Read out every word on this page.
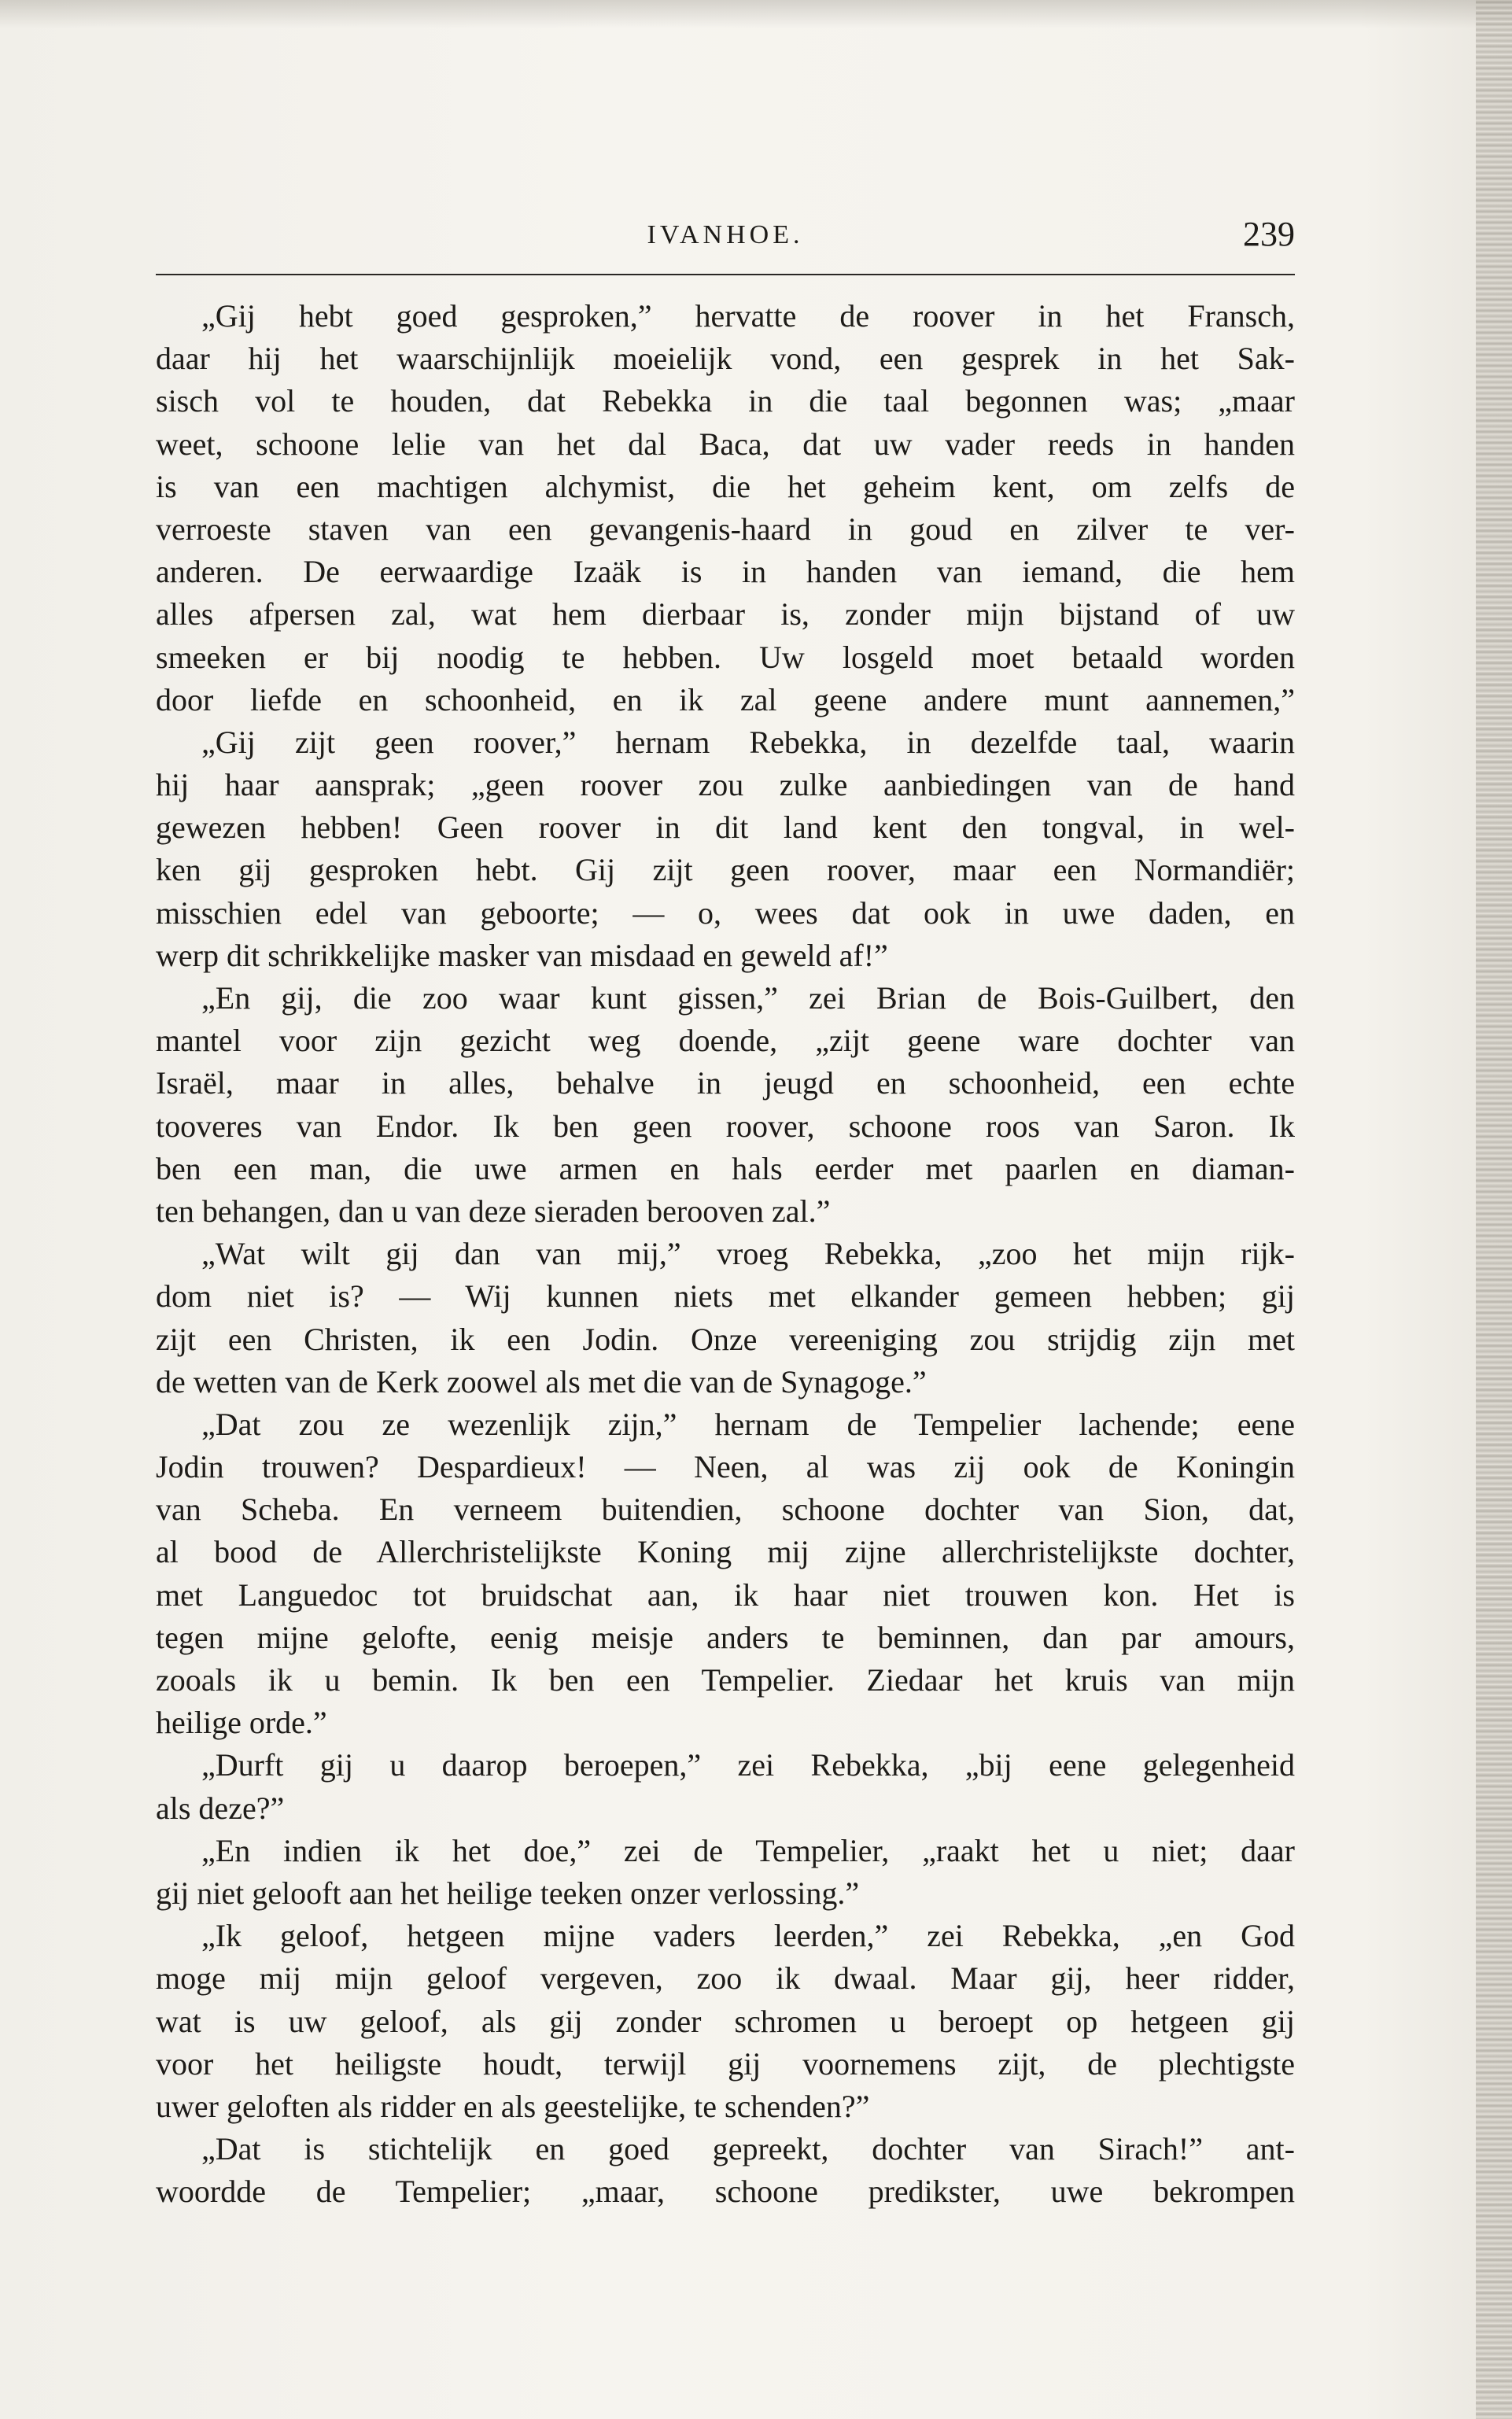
IVANHOE.	239
„Gij hebt goed gesproken,” hervatte de roover in het Fransch,
daar hij het waarschijnlijk moeielijk vond, een gesprek in het Sak-
sisch vol te houden, dat Rebekka in die taal begonnen was; „maar
weet, schoone lelie van het dal Baca, dat uw vader reeds in handen
is van een machtigen alchymist, die het geheim kent, om zelfs de
verroeste staven van een gevangenis-haard in goud en zilver te ver-
anderen. De eerwaardige Izaäk is in handen van iemand, die hem
alles afpersen zal, wat hem dierbaar is, zonder mijn bijstand of uw
smeeken er bij noodig te hebben. Uw losgeld moet betaald worden
door liefde en schoonheid, en ik zal geene andere munt aannemen,”
„Gij zijt geen roover,” hernam Rebekka, in dezelfde taal, waarin
hij haar aansprak; „geen roover zou zulke aanbiedingen van de hand
gewezen hebben! Geen roover in dit land kent den tongval, in wel-
ken gij gesproken hebt. Gij zijt geen roover, maar een Normandiër;
misschien edel van geboorte; — o, wees dat ook in uwe daden, en
werp dit schrikkelijke masker van misdaad en geweld af!”
„En gij, die zoo waar kunt gissen,” zei Brian de Bois-Guilbert, den
mantel voor zijn gezicht weg doende, „zijt geene ware dochter van
Israël, maar in alles, behalve in jeugd en schoonheid, een echte
tooveres van Endor. Ik ben geen roover, schoone roos van Saron. Ik
ben een man, die uwe armen en hals eerder met paarlen en diaman-
ten behangen, dan u van deze sieraden berooven zal.”
„Wat wilt gij dan van mij,” vroeg Rebekka, „zoo het mijn rijk-
dom niet is? — Wij kunnen niets met elkander gemeen hebben; gij
zijt een Christen, ik een Jodin. Onze vereeniging zou strijdig zijn met
de wetten van de Kerk zoowel als met die van de Synagoge.”
„Dat zou ze wezenlijk zijn,” hernam de Tempelier lachende; eene
Jodin trouwen? Despardieux! — Neen, al was zij ook de Koningin
van Scheba. En verneem buitendien, schoone dochter van Sion, dat,
al bood de Allerchristelijkste Koning mij zijne allerchristelijkste dochter,
met Languedoc tot bruidschat aan, ik haar niet trouwen kon. Het is
tegen mijne gelofte, eenig meisje anders te beminnen, dan par amours,
zooals ik u bemin. Ik ben een Tempelier. Ziedaar het kruis van mijn
heilige orde.”
„Durft gij u daarop beroepen,” zei Rebekka, „bij eene gelegenheid
als deze?”
„En indien ik het doe,” zei de Tempelier, „raakt het u niet; daar
gij niet gelooft aan het heilige teeken onzer verlossing.”
„Ik geloof, hetgeen mijne vaders leerden,” zei Rebekka, „en God
moge mij mijn geloof vergeven, zoo ik dwaal. Maar gij, heer ridder,
wat is uw geloof, als gij zonder schromen u beroept op hetgeen gij
voor het heiligste houdt, terwijl gij voornemens zijt, de plechtigste
uwer geloften als ridder en als geestelijke, te schenden?”
„Dat is stichtelijk en goed gepreekt, dochter van Sirach!” ant-
woordde de Tempelier; „maar, schoone predikster, uwe bekrompen
